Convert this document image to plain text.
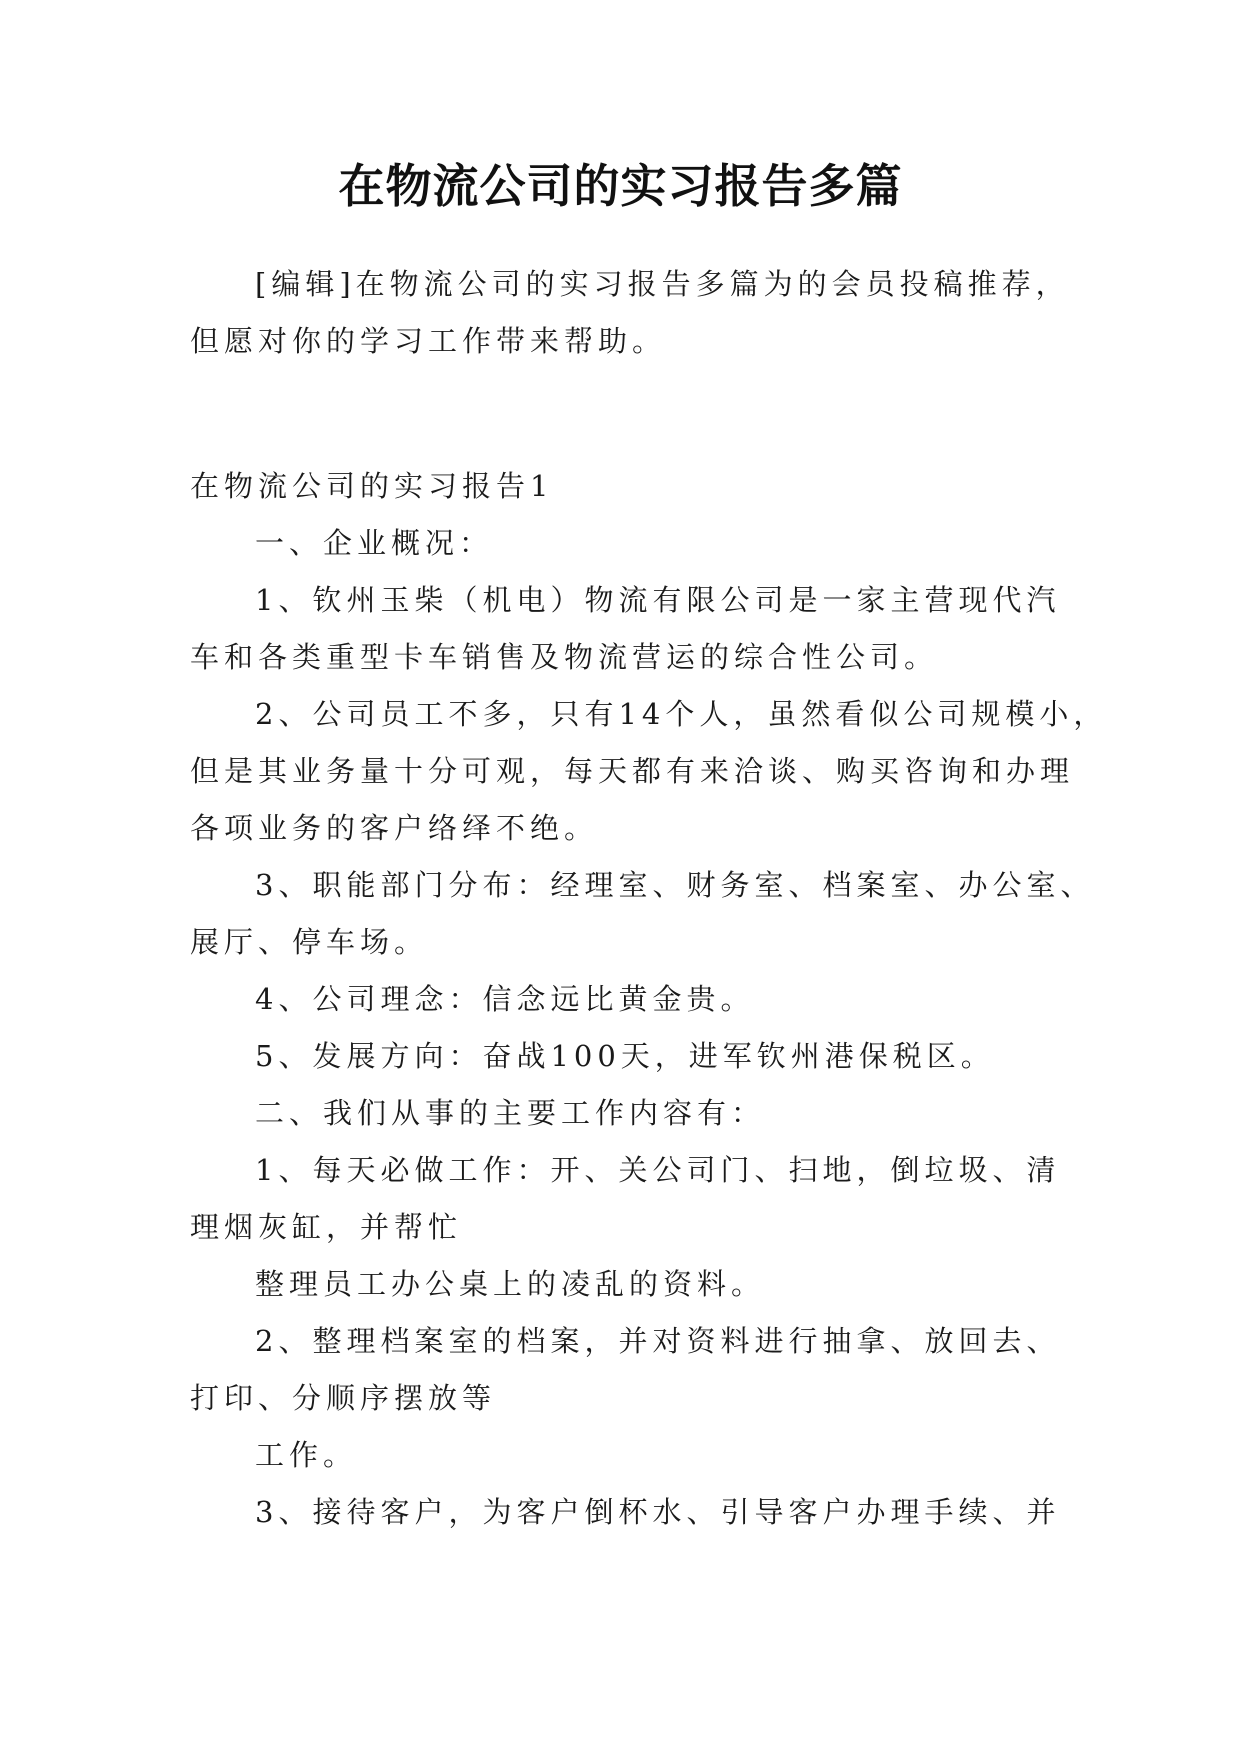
在物流公司的实习报告多篇

[编辑]在物流公司的实习报告多篇为的会员投稿推荐，

但愿对你的学习工作带来帮助。

在物流公司的实习报告1

一、企业概况：

1、钦州玉柴（机电）物流有限公司是一家主营现代汽

车和各类重型卡车销售及物流营运的综合性公司。

2、公司员工不多，只有14个人，虽然看似公司规模小，

但是其业务量十分可观，每天都有来洽谈、购买咨询和办理

各项业务的客户络绎不绝。

3、职能部门分布：经理室、财务室、档案室、办公室、

展厅、停车场。

4、公司理念：信念远比黄金贵。

5、发展方向：奋战100天，进军钦州港保税区。

二、我们从事的主要工作内容有：

1、每天必做工作：开、关公司门、扫地，倒垃圾、清

理烟灰缸，并帮忙

整理员工办公桌上的凌乱的资料。

2、整理档案室的档案，并对资料进行抽拿、放回去、

打印、分顺序摆放等

工作。

3、接待客户，为客户倒杯水、引导客户办理手续、并
